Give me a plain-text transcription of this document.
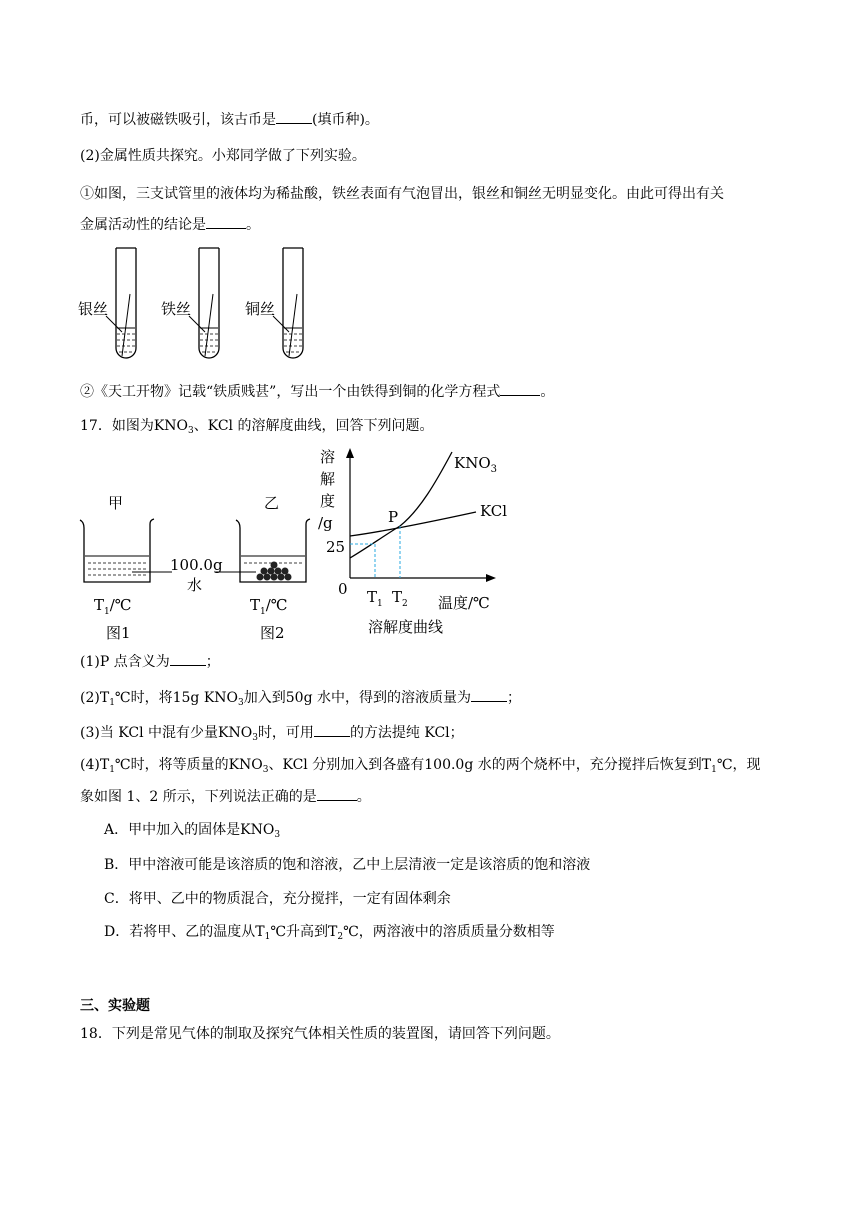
币，可以被磁铁吸引，该古币是	(填币种)。
(2)金属性质共探究。小郑同学做了下列实验。
①如图，三支试管里的液体均为稀盐酸，铁丝表面有气泡冒出，银丝和铜丝无明显变化。由此可得出有关
金属活动性的结论是	。
银丝	铁丝	铜丝
②《天工开物》记载“铁质贱甚”，写出一个由铁得到铜的化学方程式	。
17．如图为$KNO_3$、KCl 的溶解度曲线，回答下列问题。
甲	乙
100.0g
水
$T_1/℃$	$T_1/℃$
图1	图2
溶
解
度
/g	P
$KNO_3$
KCl
25
0 $T_1$ $T_2$ 温度/℃
溶解度曲线
(1)P 点含义为	；
$(2)T_1℃$时，将15g $KNO_3$加入到50g 水中，得到的溶液质量为	；
(3)当 KCl 中混有少量$KNO_3$时，可用	的方法提纯 KCl；
$(4)T_1℃$时，将等质量的$KNO_3$、KCl 分别加入到各盛有100.0g 水的两个烧杯中，充分搅拌后恢复到$T_1℃$，现
象如图 1、2 所示，下列说法正确的是	。
A．甲中加入的固体是$KNO_3$
B．甲中溶液可能是该溶质的饱和溶液，乙中上层清液一定是该溶质的饱和溶液
C．将甲、乙中的物质混合，充分搅拌，一定有固体剩余
D．若将甲、乙的温度从$T_1℃$升高到$T_2℃$，两溶液中的溶质质量分数相等
三、实验题
18．下列是常见气体的制取及探究气体相关性质的装置图，请回答下列问题。
